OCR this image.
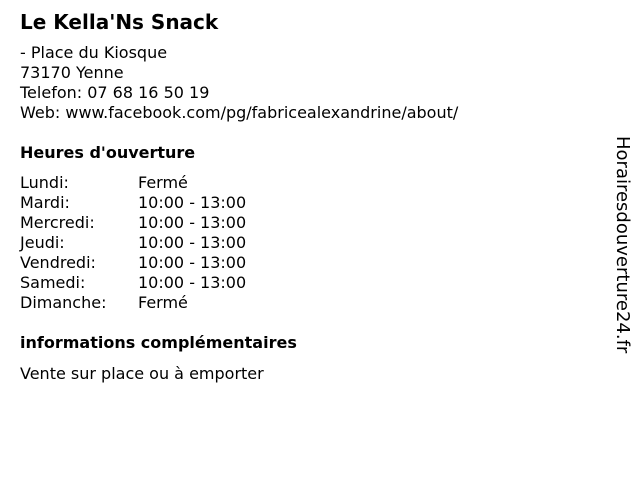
Le Kella'Ns Snack
- Place du Kiosque
73170 Yenne
Telefon: 07 68 16 50 19
Web: www.facebook.com/pg/fabricealexandrine/about/
Heures d'ouverture
Lundi:	Fermé
Mardi:	10:00 - 13:00
Mercredi:	10:00 - 13:00
Jeudi:	10:00 - 13:00
Vendredi:	10:00 - 13:00
Samedi:	10:00 - 13:00
Dimanche: Fermé
informations complémentaires
Vente sur place ou à emporter
Horairesdouverture24.fr
